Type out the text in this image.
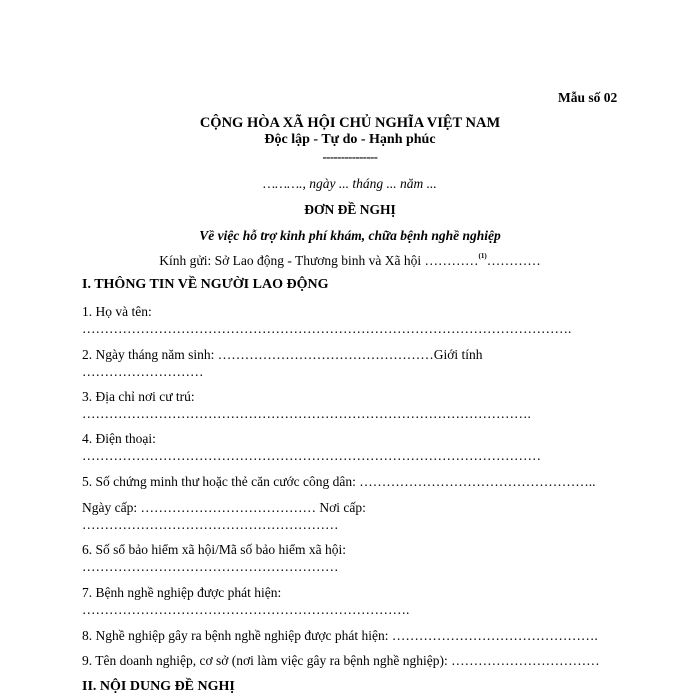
Mẫu số 02
CỘNG HÒA XÃ HỘI CHỦ NGHĨA VIỆT NAM
Độc lập - Tự do - Hạnh phúc
---------------
………., ngày ... tháng ... năm ...
ĐƠN ĐỀ NGHỊ
Về việc hỗ trợ kinh phí khám, chữa bệnh nghề nghiệp
Kính gửi: Sở Lao động - Thương binh và Xã hội …………$^{(1)}$…………
I. THÔNG TIN VỀ NGƯỜI LAO ĐỘNG
1. Họ và tên:
……………………………………………………………………………………………….
2. Ngày tháng năm sinh: …………………………………………Giới tính
………………………
3. Địa chỉ nơi cư trú:
……………………………………………………………………………………….
4. Điện thoại:
…………………………………………………………………………………………
5. Số chứng minh thư hoặc thẻ căn cước công dân: ……………………………………………..
Ngày cấp: ………………………………… Nơi cấp:
…………………………………………………
6. Số sổ bảo hiểm xã hội/Mã số bảo hiểm xã hội:
…………………………………………………
7. Bệnh nghề nghiệp được phát hiện:
……………………………………………………………….
8. Nghề nghiệp gây ra bệnh nghề nghiệp được phát hiện: ……………………………………….
9. Tên doanh nghiệp, cơ sở (nơi làm việc gây ra bệnh nghề nghiệp): ……………………………
II. NỘI DUNG ĐỀ NGHỊ
